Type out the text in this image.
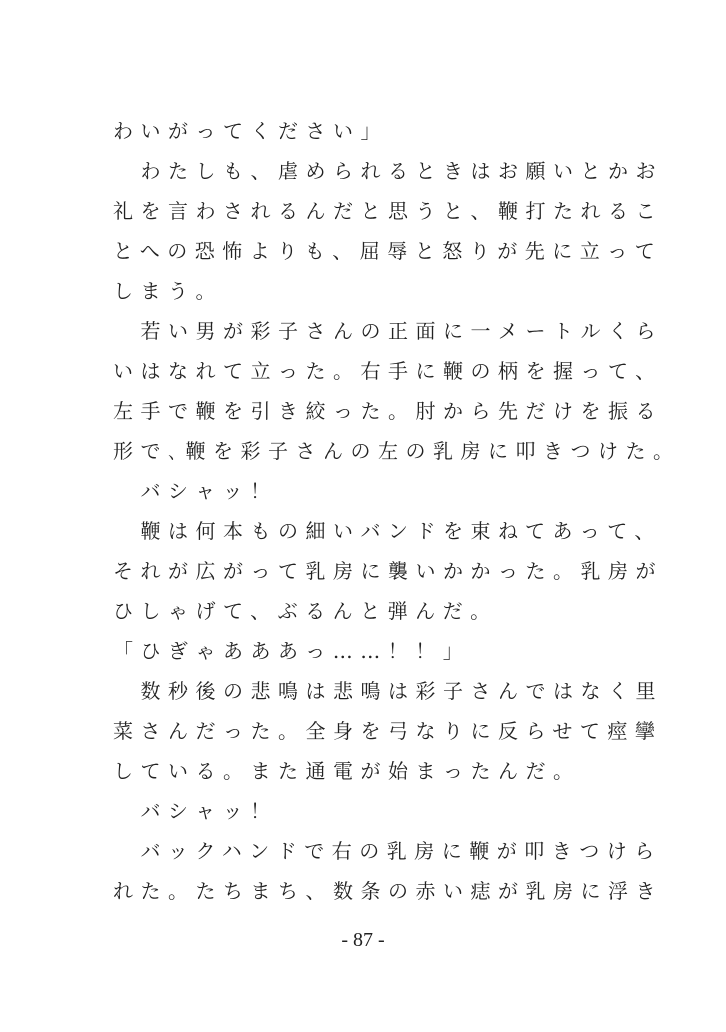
わいがってください」
　わたしも、虐められるときはお願いとかお
礼を言わされるんだと思うと、鞭打たれるこ
とへの恐怖よりも、屈辱と怒りが先に立って
しまう。
　若い男が彩子さんの正面に一メートルくら
いはなれて立った。右手に鞭の柄を握って、
左手で鞭を引き絞った。肘から先だけを振る
形で､鞭を彩子さんの左の乳房に叩きつけた。
　バシャッ！
　鞭は何本もの細いバンドを束ねてあって、
それが広がって乳房に襲いかかった。乳房が
ひしゃげて、ぶるんと弾んだ。
「ひぎゃあああっ……！！」
　数秒後の悲鳴は悲鳴は彩子さんではなく里
菜さんだった。全身を弓なりに反らせて痙攣
している。また通電が始まったんだ。
　バシャッ！
　バックハンドで右の乳房に鞭が叩きつけら
れた。たちまち、数条の赤い痣が乳房に浮き
- 87 -
